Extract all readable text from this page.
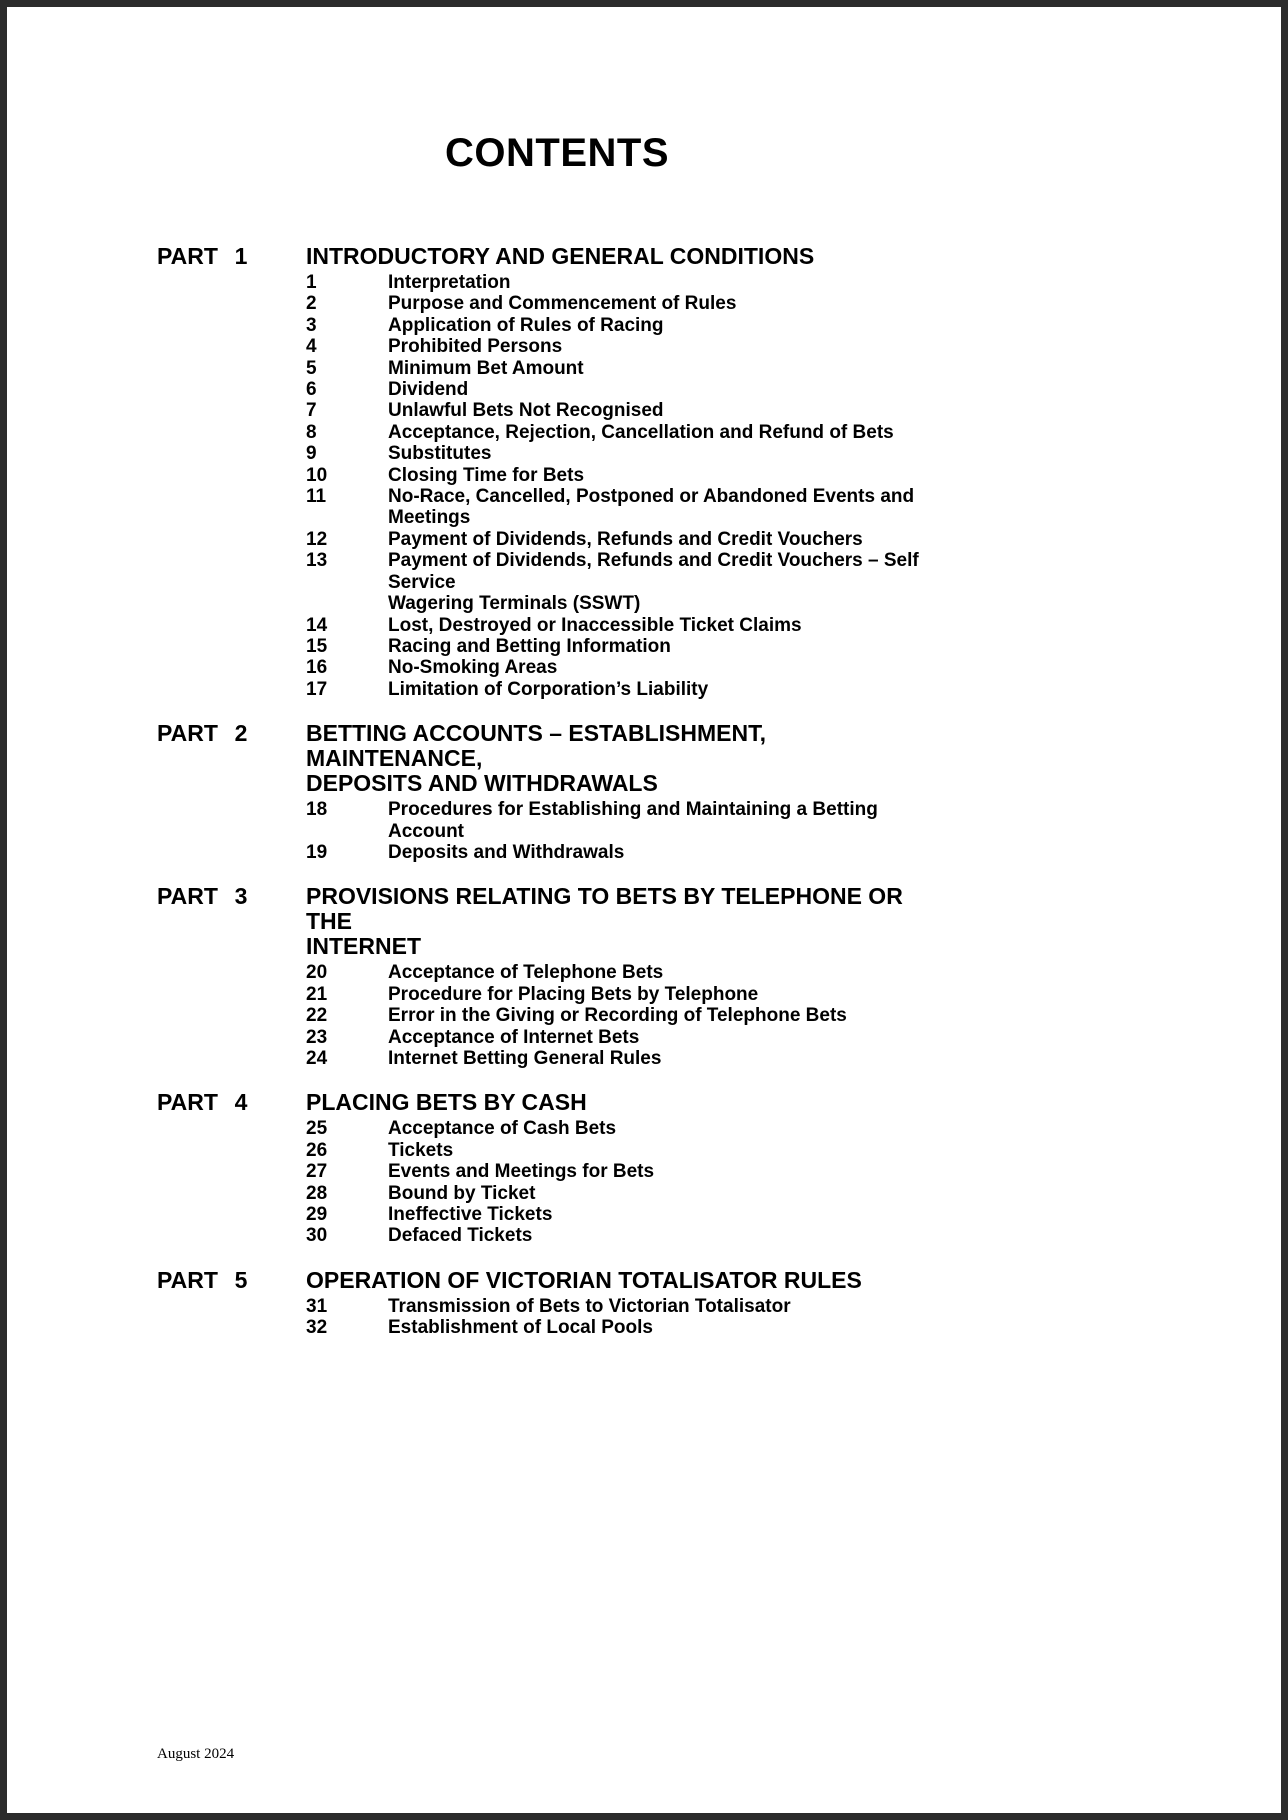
CONTENTS
PART 1	INTRODUCTORY AND GENERAL CONDITIONS
1	Interpretation
2	Purpose and Commencement of Rules
3	Application of Rules of Racing
4	Prohibited Persons
5	Minimum Bet Amount
6	Dividend
7	Unlawful Bets Not Recognised
8	Acceptance, Rejection, Cancellation and Refund of Bets
9	Substitutes
10	Closing Time for Bets
11	No-Race, Cancelled, Postponed or Abandoned Events and Meetings
12	Payment of Dividends, Refunds and Credit Vouchers
13	Payment of Dividends, Refunds and Credit Vouchers – Self Service
Wagering Terminals (SSWT)
14	Lost, Destroyed or Inaccessible Ticket Claims
15	Racing and Betting Information
16	No-Smoking Areas
17	Limitation of Corporation’s Liability
PART 2	BETTING ACCOUNTS – ESTABLISHMENT, MAINTENANCE,
DEPOSITS AND WITHDRAWALS
18	Procedures for Establishing and Maintaining a Betting Account
19	Deposits and Withdrawals
PART 3	PROVISIONS RELATING TO BETS BY TELEPHONE OR THE
INTERNET
20	Acceptance of Telephone Bets
21	Procedure for Placing Bets by Telephone
22	Error in the Giving or Recording of Telephone Bets
23	Acceptance of Internet Bets
24	Internet Betting General Rules
PART 4	PLACING BETS BY CASH
25	Acceptance of Cash Bets
26	Tickets
27	Events and Meetings for Bets
28	Bound by Ticket
29	Ineffective Tickets
30	Defaced Tickets
PART 5	OPERATION OF VICTORIAN TOTALISATOR RULES
31	Transmission of Bets to Victorian Totalisator
32	Establishment of Local Pools
August 2024
